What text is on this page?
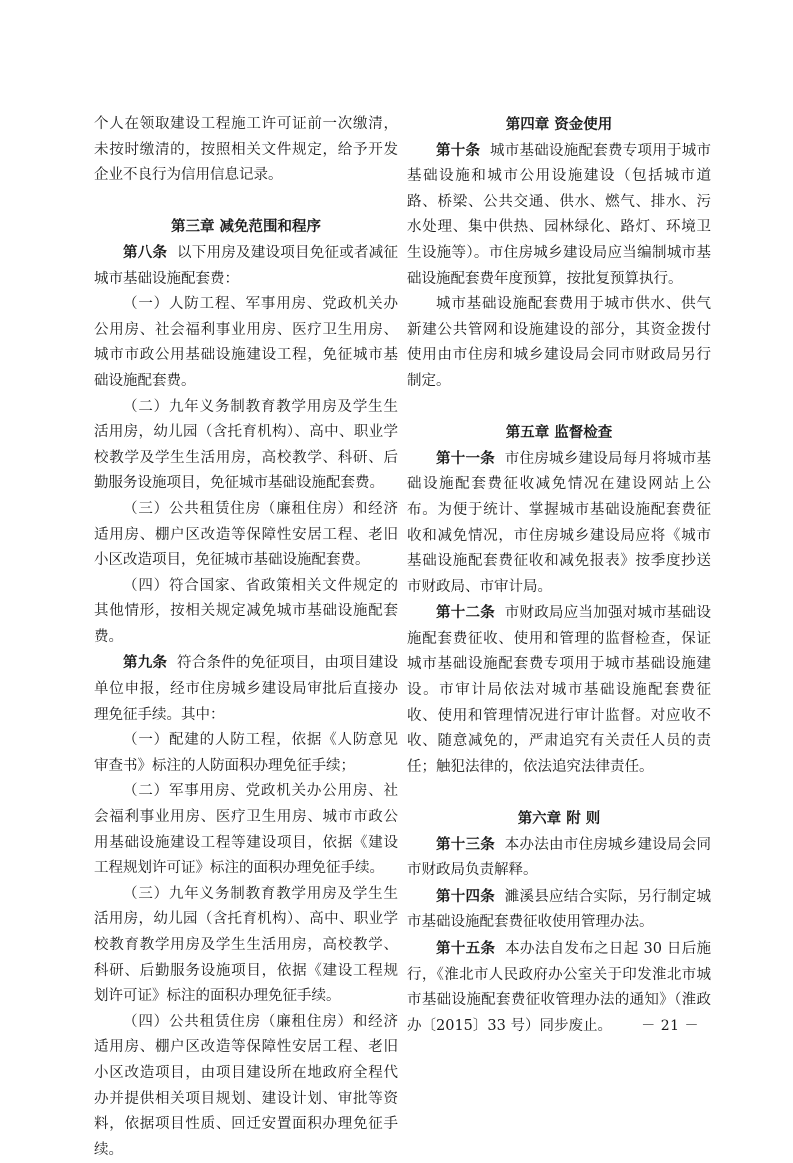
个人在领取建设工程施工许可证前一次缴清，未按时缴清的，按照相关文件规定，给予开发企业不良行为信用信息记录。

第三章 减免范围和程序

第八条 以下用房及建设项目免征或者减征城市基础设施配套费：

（一）人防工程、军事用房、党政机关办公用房、社会福利事业用房、医疗卫生用房、城市市政公用基础设施建设工程，免征城市基础设施配套费。

（二）九年义务制教育教学用房及学生生活用房，幼儿园（含托育机构）、高中、职业学校教学及学生生活用房，高校教学、科研、后勤服务设施项目，免征城市基础设施配套费。

（三）公共租赁住房（廉租住房）和经济适用房、棚户区改造等保障性安居工程、老旧小区改造项目，免征城市基础设施配套费。

（四）符合国家、省政策相关文件规定的其他情形，按相关规定减免城市基础设施配套费。

第九条 符合条件的免征项目，由项目建设单位申报，经市住房城乡建设局审批后直接办理免征手续。其中：

（一）配建的人防工程，依据《人防意见审查书》标注的人防面积办理免征手续；

（二）军事用房、党政机关办公用房、社会福利事业用房、医疗卫生用房、城市市政公用基础设施建设工程等建设项目，依据《建设工程规划许可证》标注的面积办理免征手续。

（三）九年义务制教育教学用房及学生生活用房，幼儿园（含托育机构）、高中、职业学校教育教学用房及学生生活用房，高校教学、科研、后勤服务设施项目，依据《建设工程规划许可证》标注的面积办理免征手续。

（四）公共租赁住房（廉租住房）和经济适用房、棚户区改造等保障性安居工程、老旧小区改造项目，由项目建设所在地政府全程代办并提供相关项目规划、建设计划、审批等资料，依据项目性质、回迁安置面积办理免征手续。

第四章 资金使用

第十条 城市基础设施配套费专项用于城市基础设施和城市公用设施建设（包括城市道路、桥梁、公共交通、供水、燃气、排水、污水处理、集中供热、园林绿化、路灯、环境卫生设施等）。市住房城乡建设局应当编制城市基础设施配套费年度预算，按批复预算执行。

城市基础设施配套费用于城市供水、供气新建公共管网和设施建设的部分，其资金拨付使用由市住房和城乡建设局会同市财政局另行制定。

第五章 监督检查

第十一条 市住房城乡建设局每月将城市基础设施配套费征收减免情况在建设网站上公布。为便于统计、掌握城市基础设施配套费征收和减免情况，市住房城乡建设局应将《城市基础设施配套费征收和减免报表》按季度抄送市财政局、市审计局。

第十二条 市财政局应当加强对城市基础设施配套费征收、使用和管理的监督检查，保证城市基础设施配套费专项用于城市基础设施建设。市审计局依法对城市基础设施配套费征收、使用和管理情况进行审计监督。对应收不收、随意减免的，严肃追究有关责任人员的责任；触犯法律的，依法追究法律责任。

第六章 附 则

第十三条 本办法由市住房城乡建设局会同市财政局负责解释。

第十四条 濉溪县应结合实际，另行制定城市基础设施配套费征收使用管理办法。

第十五条 本办法自发布之日起 30 日后施行，《淮北市人民政府办公室关于印发淮北市城市基础设施配套费征收管理办法的通知》（淮政办〔2015〕33 号）同步废止。	－ 21 －
